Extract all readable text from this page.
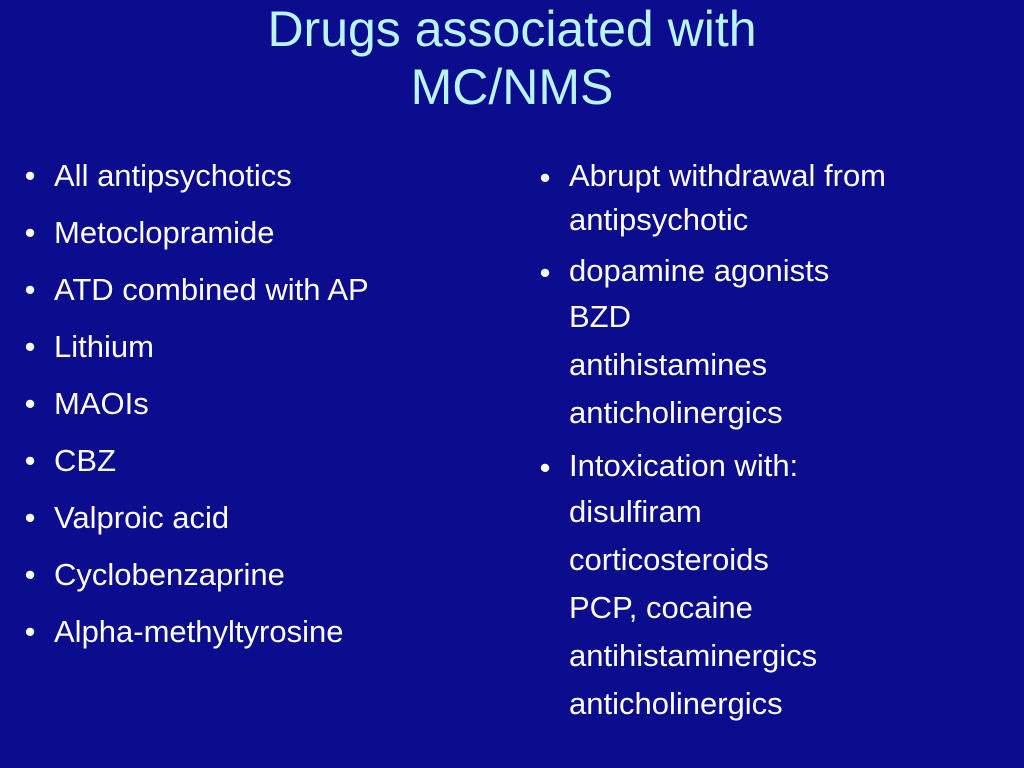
Drugs associated with
MC/NMS
• All antipsychotics
• Metoclopramide
• ATD combined with AP
• Lithium
• MAOIs
• CBZ
• Valproic acid
• Cyclobenzaprine
• Alpha-methyltyrosine
• Abrupt withdrawal from
antipsychotic
• dopamine agonists
BZD
antihistamines
anticholinergics
• Intoxication with:
disulfiram
corticosteroids
PCP, cocaine
antihistaminergics
anticholinergics
